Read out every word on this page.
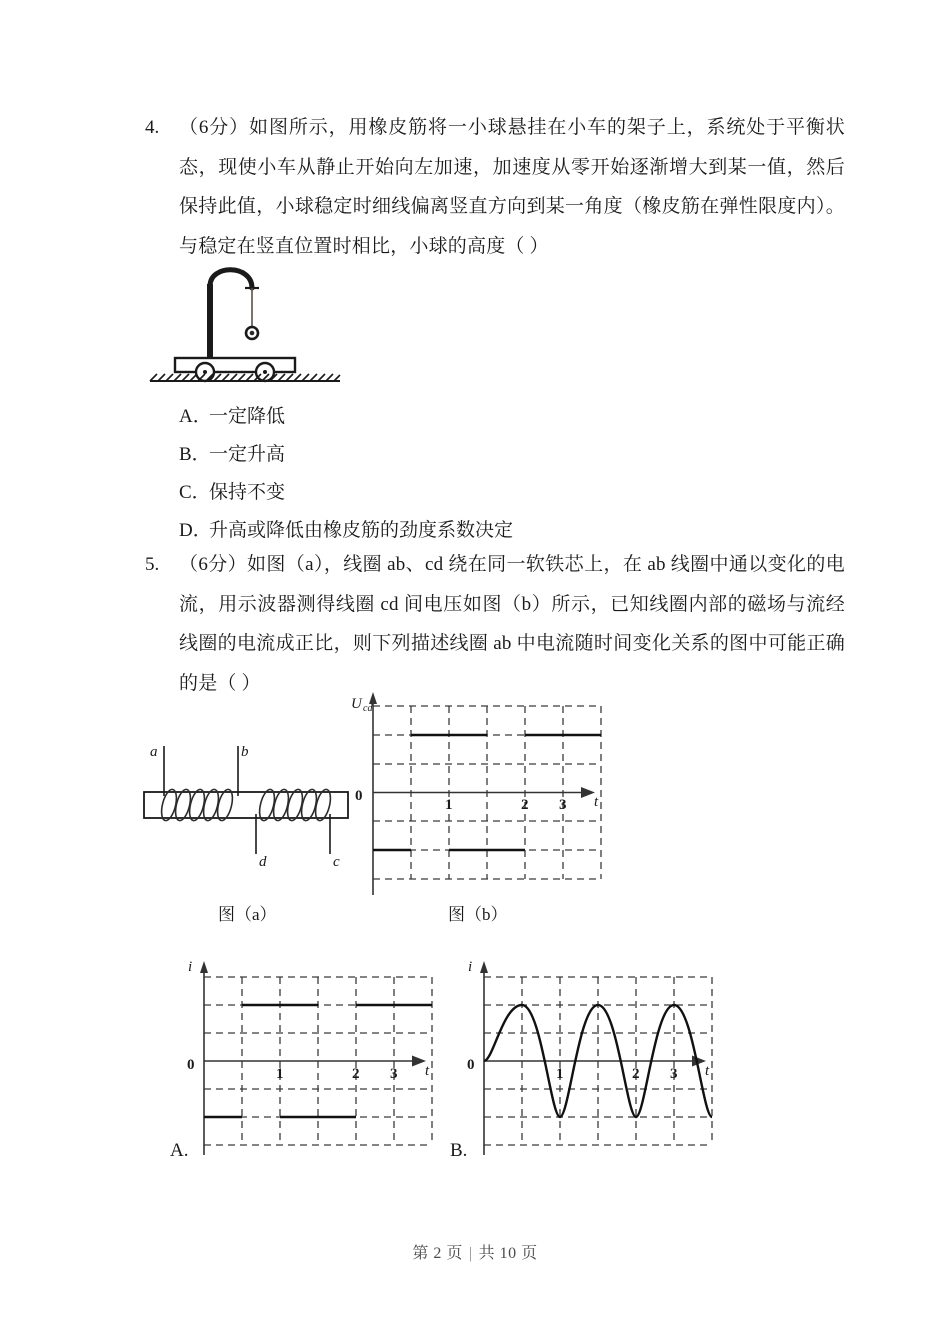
4.	（6分）如图所示，用橡皮筋将一小球悬挂在小车的架子上，系统处于平衡状态，现使小车从静止开始向左加速，加速度从零开始逐渐增大到某一值，然后保持此值，小球稳定时细线偏离竖直方向到某一角度（橡皮筋在弹性限度内）。与稳定在竖直位置时相比，小球的高度（ ）
A．一定降低
B．一定升高
C．保持不变
D．升高或降低由橡皮筋的劲度系数决定
5.	（6分）如图（a），线圈 ab、cd 绕在同一软铁芯上，在 ab 线圈中通以变化的电流，用示波器测得线圈 cd 间电压如图（b）所示，已知线圈内部的磁场与流经线圈的电流成正比，则下列描述线圈 ab 中电流随时间变化关系的图中可能正确的是（ ）
a	b
d	c
图（a）
U cd
t
0
1	2 3
图（b）
i
t
0
1	2 3
A.
i
t
0
1	2 3
B.
第 2 页 | 共 10 页
